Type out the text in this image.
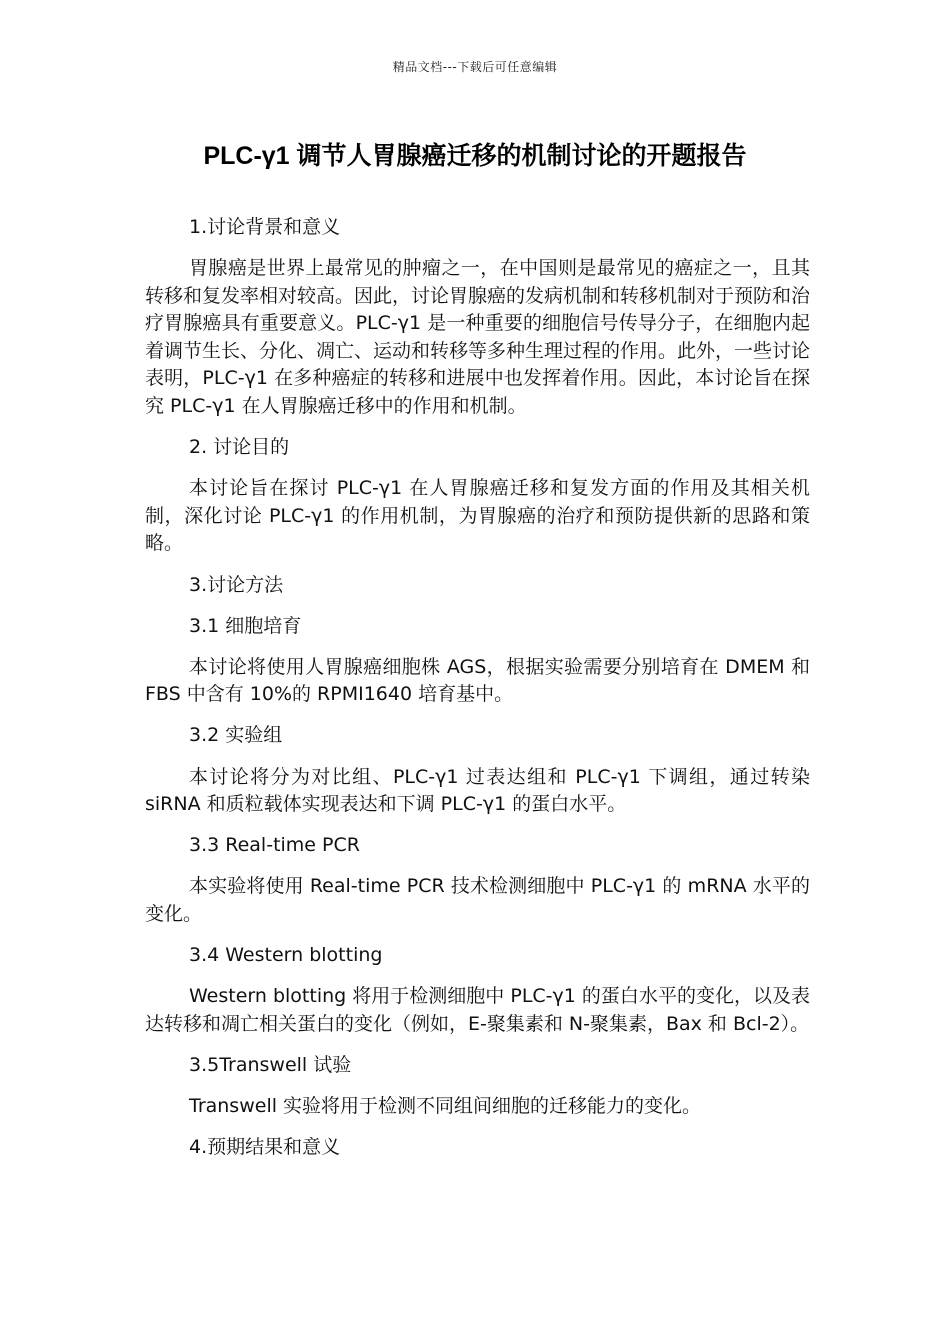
精品文档---下载后可任意编辑
PLC-γ1 调节人胃腺癌迁移的机制讨论的开题报告

1.讨论背景和意义

胃腺癌是世界上最常见的肿瘤之一，在中国则是最常见的癌症之一，且其转移和复发率相对较高。因此，讨论胃腺癌的发病机制和转移机制对于预防和治疗胃腺癌具有重要意义。PLC-γ1 是一种重要的细胞信号传导分子，在细胞内起着调节生长、分化、凋亡、运动和转移等多种生理过程的作用。此外，一些讨论表明，PLC-γ1 在多种癌症的转移和进展中也发挥着作用。因此，本讨论旨在探究 PLC-γ1 在人胃腺癌迁移中的作用和机制。

2. 讨论目的

本讨论旨在探讨 PLC-γ1 在人胃腺癌迁移和复发方面的作用及其相关机制，深化讨论 PLC-γ1 的作用机制，为胃腺癌的治疗和预防提供新的思路和策略。

3.讨论方法

3.1 细胞培育

本讨论将使用人胃腺癌细胞株 AGS，根据实验需要分别培育在 DMEM 和 FBS 中含有 10%的 RPMI1640 培育基中。

3.2 实验组

本讨论将分为对比组、PLC-γ1 过表达组和 PLC-γ1 下调组，通过转染 siRNA 和质粒载体实现表达和下调 PLC-γ1 的蛋白水平。

3.3 Real-time PCR

本实验将使用 Real-time PCR 技术检测细胞中 PLC-γ1 的 mRNA 水平的变化。

3.4 Western blotting

Western blotting 将用于检测细胞中 PLC-γ1 的蛋白水平的变化，以及表达转移和凋亡相关蛋白的变化（例如，E-聚集素和 N-聚集素，Bax 和 Bcl-2）。

3.5Transwell 试验

Transwell 实验将用于检测不同组间细胞的迁移能力的变化。

4.预期结果和意义
